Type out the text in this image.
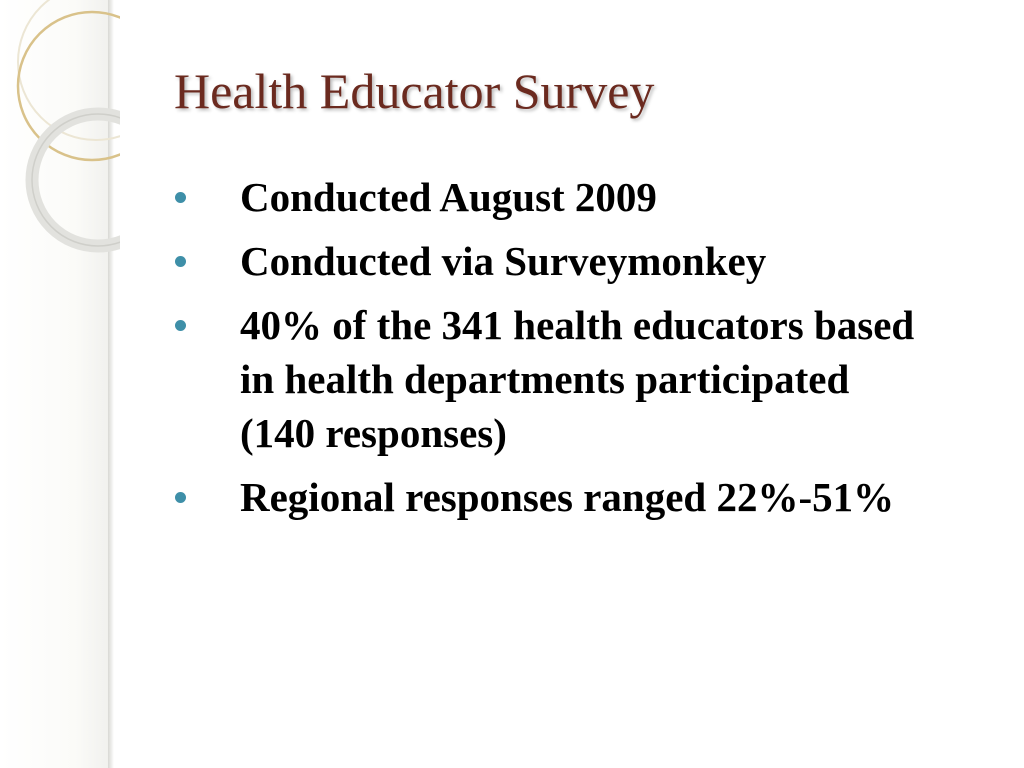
Health Educator Survey
Conducted August 2009
Conducted via Surveymonkey
40% of the 341 health educators based in health departments participated (140 responses)
Regional responses ranged 22%-51%
